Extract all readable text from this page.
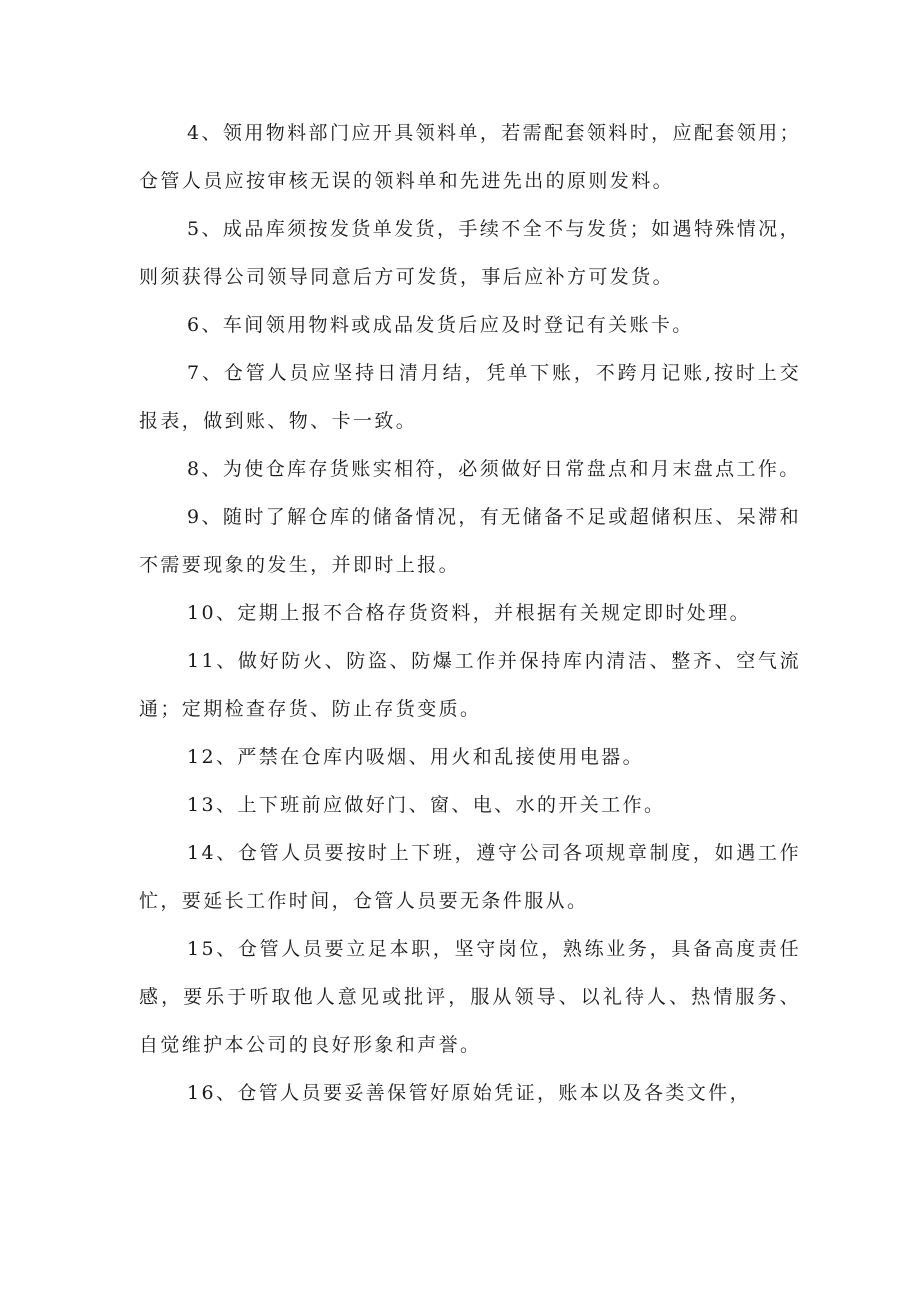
4、领用物料部门应开具领料单，若需配套领料时，应配套领用；仓管人员应按审核无误的领料单和先进先出的原则发料。

5、成品库须按发货单发货，手续不全不与发货；如遇特殊情况，则须获得公司领导同意后方可发货，事后应补方可发货。

6、车间领用物料或成品发货后应及时登记有关账卡。

7、仓管人员应坚持日清月结，凭单下账，不跨月记账,按时上交报表，做到账、物、卡一致。

8、为使仓库存货账实相符，必须做好日常盘点和月末盘点工作。

9、随时了解仓库的储备情况，有无储备不足或超储积压、呆滞和不需要现象的发生，并即时上报。

10、定期上报不合格存货资料，并根据有关规定即时处理。

11、做好防火、防盗、防爆工作并保持库内清洁、整齐、空气流通；定期检查存货、防止存货变质。

12、严禁在仓库内吸烟、用火和乱接使用电器。

13、上下班前应做好门、窗、电、水的开关工作。

14、仓管人员要按时上下班，遵守公司各项规章制度，如遇工作忙，要延长工作时间，仓管人员要无条件服从。

15、仓管人员要立足本职，坚守岗位，熟练业务，具备高度责任感，要乐于听取他人意见或批评，服从领导、以礼待人、热情服务、自觉维护本公司的良好形象和声誉。

16、仓管人员要妥善保管好原始凭证，账本以及各类文件，
